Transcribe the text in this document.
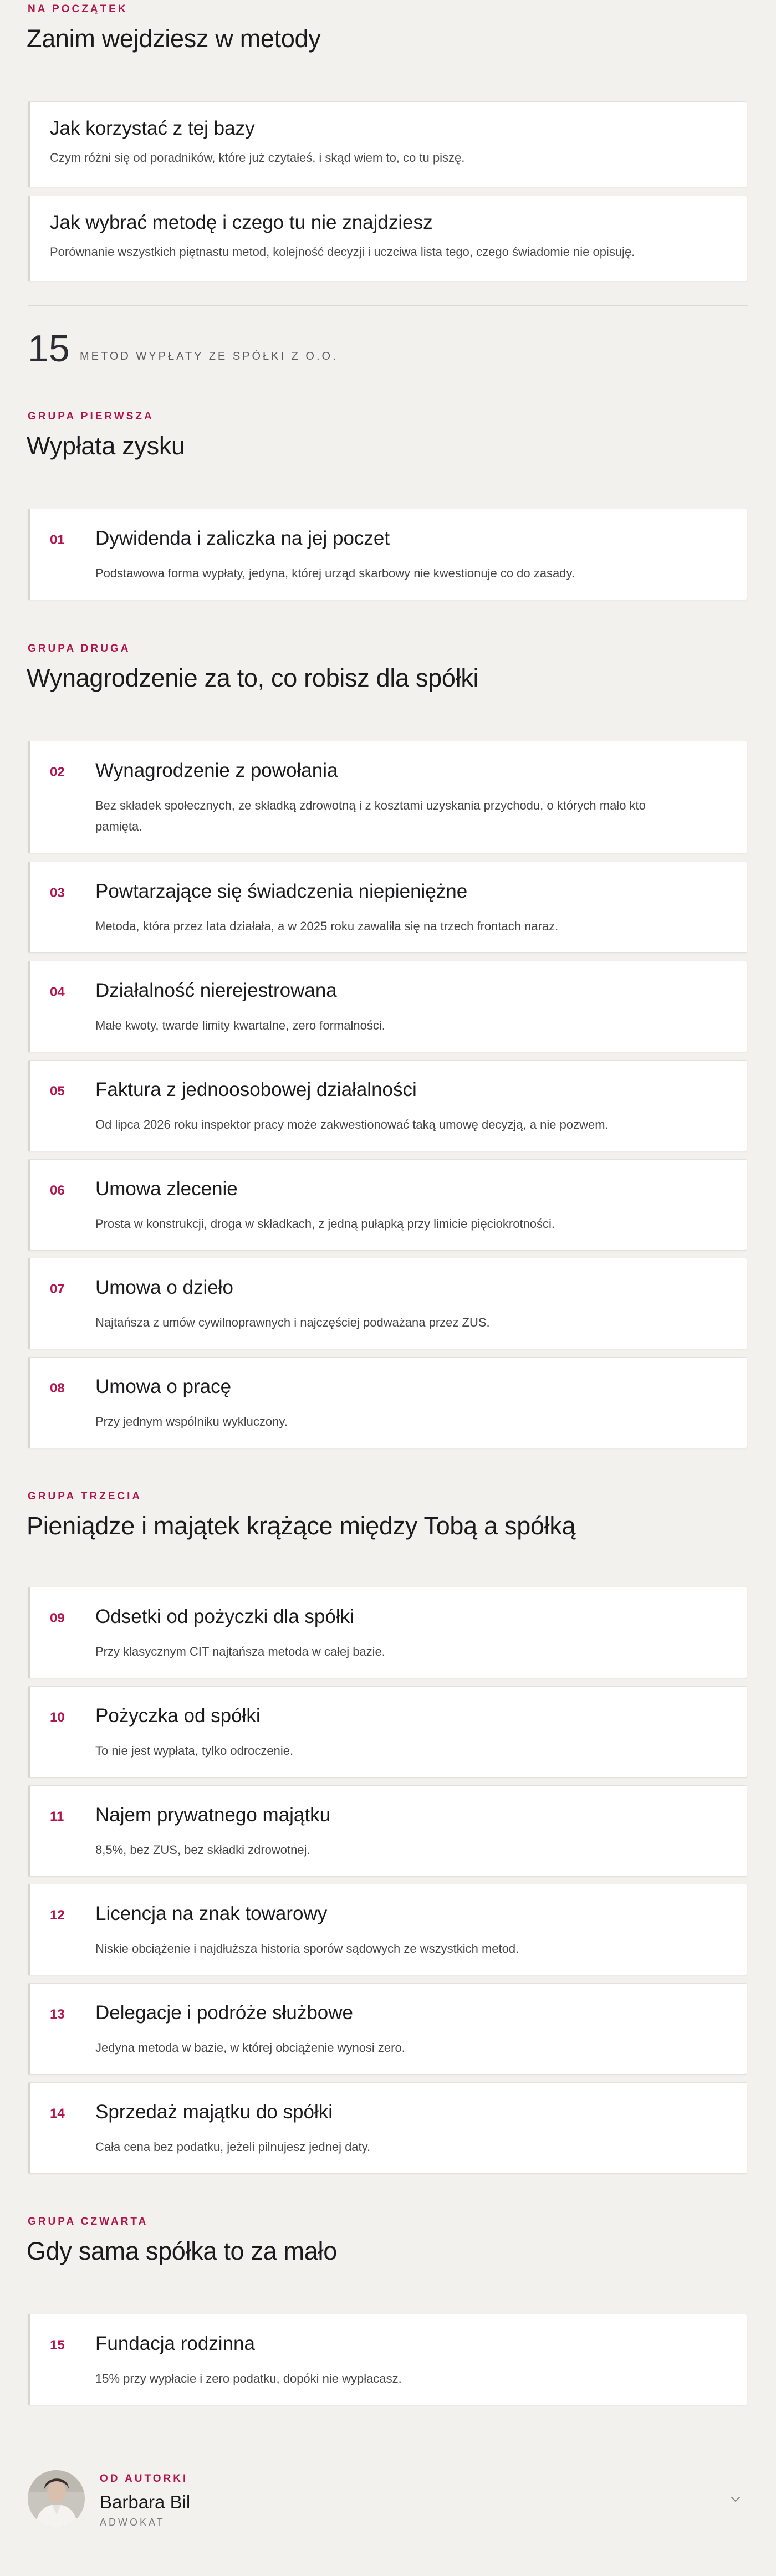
NA POCZĄTEK
Zanim wejdziesz w metody
Jak korzystać z tej bazy
Czym różni się od poradników, które już czytałeś, i skąd wiem to, co tu piszę.
Jak wybrać metodę i czego tu nie znajdziesz
Porównanie wszystkich piętnastu metod, kolejność decyzji i uczciwa lista tego, czego świadomie nie opisuję.
15 METOD WYPŁATY ZE SPÓŁKI Z O.O.
GRUPA PIERWSZA
Wypłata zysku
01 Dywidenda i zaliczka na jej poczet
Podstawowa forma wypłaty, jedyna, której urząd skarbowy nie kwestionuje co do zasady.
GRUPA DRUGA
Wynagrodzenie za to, co robisz dla spółki
02 Wynagrodzenie z powołania
Bez składek społecznych, ze składką zdrowotną i z kosztami uzyskania przychodu, o których mało kto
pamięta.
03 Powtarzające się świadczenia niepieniężne
Metoda, która przez lata działała, a w 2025 roku zawaliła się na trzech frontach naraz.
04 Działalność nierejestrowana
Małe kwoty, twarde limity kwartalne, zero formalności.
05 Faktura z jednoosobowej działalności
Od lipca 2026 roku inspektor pracy może zakwestionować taką umowę decyzją, a nie pozwem.
06 Umowa zlecenie
Prosta w konstrukcji, droga w składkach, z jedną pułapką przy limicie pięciokrotności.
07 Umowa o dzieło
Najtańsza z umów cywilnoprawnych i najczęściej podważana przez ZUS.
08 Umowa o pracę
Przy jednym wspólniku wykluczony.
GRUPA TRZECIA
Pieniądze i majątek krążące między Tobą a spółką
09 Odsetki od pożyczki dla spółki
Przy klasycznym CIT najtańsza metoda w całej bazie.
10 Pożyczka od spółki
To nie jest wypłata, tylko odroczenie.
11 Najem prywatnego majątku
8,5%, bez ZUS, bez składki zdrowotnej.
12 Licencja na znak towarowy
Niskie obciążenie i najdłuższa historia sporów sądowych ze wszystkich metod.
13 Delegacje i podróże służbowe
Jedyna metoda w bazie, w której obciążenie wynosi zero.
14 Sprzedaż majątku do spółki
Cała cena bez podatku, jeżeli pilnujesz jednej daty.
GRUPA CZWARTA
Gdy sama spółka to za mało
15 Fundacja rodzinna
15% przy wypłacie i zero podatku, dopóki nie wypłacasz.
OD AUTORKI
Barbara Bil
ADWOKAT
